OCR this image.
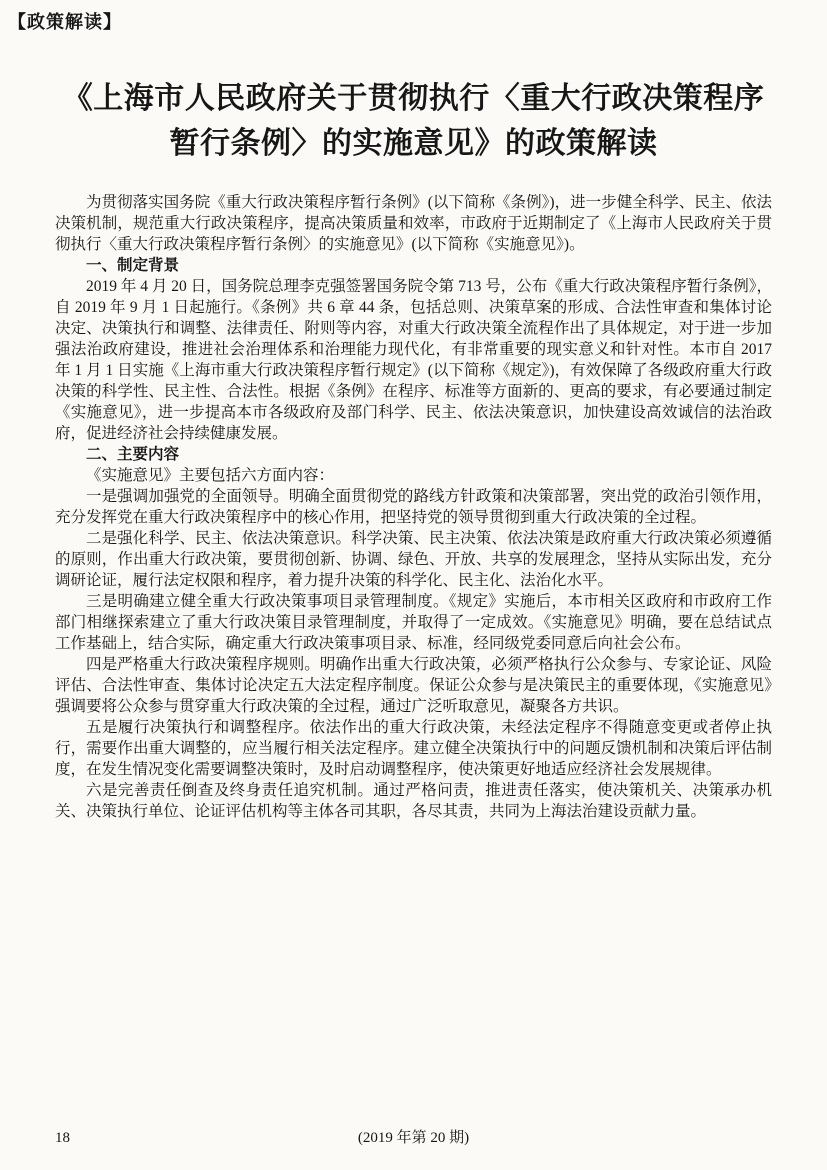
【政策解读】
《上海市人民政府关于贯彻执行〈重大行政决策程序
暂行条例〉的实施意见》的政策解读

为贯彻落实国务院《重大行政决策程序暂行条例》(以下简称《条例》)，进一步健全科学、民主、依法决策机制，规范重大行政决策程序，提高决策质量和效率，市政府于近期制定了《上海市人民政府关于贯彻执行〈重大行政决策程序暂行条例〉的实施意见》(以下简称《实施意见》)。

一、制定背景

2019 年 4 月 20 日，国务院总理李克强签署国务院令第 713 号，公布《重大行政决策程序暂行条例》，自 2019 年 9 月 1 日起施行。《条例》共 6 章 44 条，包括总则、决策草案的形成、合法性审查和集体讨论决定、决策执行和调整、法律责任、附则等内容，对重大行政决策全流程作出了具体规定，对于进一步加强法治政府建设，推进社会治理体系和治理能力现代化，有非常重要的现实意义和针对性。本市自 2017 年 1 月 1 日实施《上海市重大行政决策程序暂行规定》(以下简称《规定》)，有效保障了各级政府重大行政决策的科学性、民主性、合法性。根据《条例》在程序、标准等方面新的、更高的要求，有必要通过制定《实施意见》，进一步提高本市各级政府及部门科学、民主、依法决策意识，加快建设高效诚信的法治政府，促进经济社会持续健康发展。

二、主要内容

《实施意见》主要包括六方面内容：

一是强调加强党的全面领导。明确全面贯彻党的路线方针政策和决策部署，突出党的政治引领作用，充分发挥党在重大行政决策程序中的核心作用，把坚持党的领导贯彻到重大行政决策的全过程。

二是强化科学、民主、依法决策意识。科学决策、民主决策、依法决策是政府重大行政决策必须遵循的原则，作出重大行政决策，要贯彻创新、协调、绿色、开放、共享的发展理念，坚持从实际出发，充分调研论证，履行法定权限和程序，着力提升决策的科学化、民主化、法治化水平。

三是明确建立健全重大行政决策事项目录管理制度。《规定》实施后，本市相关区政府和市政府工作部门相继探索建立了重大行政决策目录管理制度，并取得了一定成效。《实施意见》明确，要在总结试点工作基础上，结合实际，确定重大行政决策事项目录、标准，经同级党委同意后向社会公布。

四是严格重大行政决策程序规则。明确作出重大行政决策，必须严格执行公众参与、专家论证、风险评估、合法性审查、集体讨论决定五大法定程序制度。保证公众参与是决策民主的重要体现，《实施意见》强调要将公众参与贯穿重大行政决策的全过程，通过广泛听取意见，凝聚各方共识。

五是履行决策执行和调整程序。依法作出的重大行政决策，未经法定程序不得随意变更或者停止执行，需要作出重大调整的，应当履行相关法定程序。建立健全决策执行中的问题反馈机制和决策后评估制度，在发生情况变化需要调整决策时，及时启动调整程序，使决策更好地适应经济社会发展规律。

六是完善责任倒查及终身责任追究机制。通过严格问责，推进责任落实，使决策机关、决策承办机关、决策执行单位、论证评估机构等主体各司其职，各尽其责，共同为上海法治建设贡献力量。

18	(2019 年第 20 期)
